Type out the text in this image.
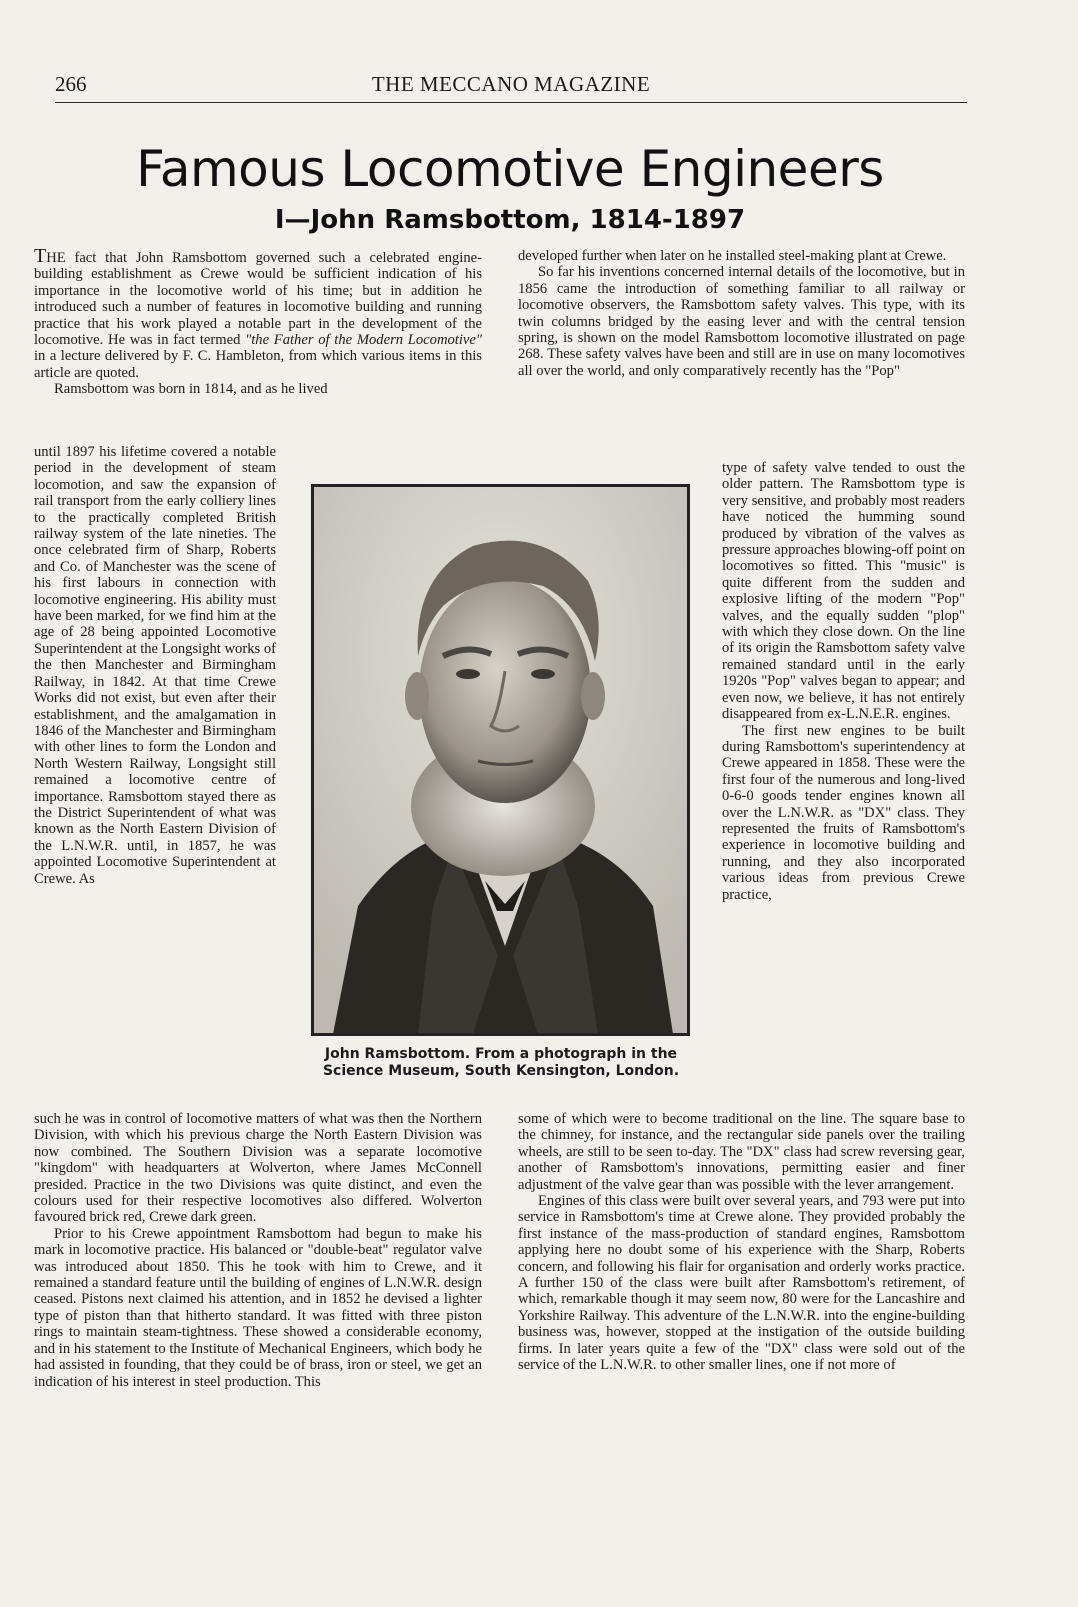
266	THE MECCANO MAGAZINE
Famous Locomotive Engineers
I—John Ramsbottom, 1814-1897

THE fact that John Ramsbottom governed such a celebrated engine-building establishment as Crewe would be sufficient indication of his importance in the locomotive world of his time; but in addition he introduced such a number of features in locomotive building and running practice that his work played a notable part in the development of the locomotive. He was in fact termed "the Father of the Modern Locomotive" in a lecture delivered by F. C. Hambleton, from which various items in this article are quoted.

Ramsbottom was born in 1814, and as he lived

until 1897 his lifetime covered a notable period in the development of steam locomotion, and saw the expansion of rail transport from the early colliery lines to the practically completed British railway system of the late nineties. The once celebrated firm of Sharp, Roberts and Co. of Manchester was the scene of his first labours in connection with locomotive engineering. His ability must have been marked, for we find him at the age of 28 being appointed Locomotive Superintendent at the Longsight works of the then Manchester and Birmingham Railway, in 1842. At that time Crewe Works did not exist, but even after their establishment, and the amalgamation in 1846 of the Manchester and Birmingham with other lines to form the London and North Western Railway, Longsight still remained a locomotive centre of importance. Ramsbottom stayed there as the District Superintendent of what was known as the North Eastern Division of the L.N.W.R. until, in 1857, he was appointed Locomotive Superintendent at Crewe. As

such he was in control of locomotive matters of what was then the Northern Division, with which his previous charge the North Eastern Division was now combined. The Southern Division was a separate locomotive "kingdom" with headquarters at Wolverton, where James McConnell presided. Practice in the two Divisions was quite distinct, and even the colours used for their respective locomotives also differed. Wolverton favoured brick red, Crewe dark green.

Prior to his Crewe appointment Ramsbottom had begun to make his mark in locomotive practice. His balanced or "double-beat" regulator valve was introduced about 1850. This he took with him to Crewe, and it remained a standard feature until the building of engines of L.N.W.R. design ceased. Pistons next claimed his attention, and in 1852 he devised a lighter type of piston than that hitherto standard. It was fitted with three piston rings to maintain steam-tightness. These showed a considerable economy, and in his statement to the Institute of Mechanical Engineers, which body he had assisted in founding, that they could be of brass, iron or steel, we get an indication of his interest in steel production. This

developed further when later on he installed steel-making plant at Crewe.

So far his inventions concerned internal details of the locomotive, but in 1856 came the introduction of something familiar to all railway or locomotive observers, the Ramsbottom safety valves. This type, with its twin columns bridged by the easing lever and with the central tension spring, is shown on the model Ramsbottom locomotive illustrated on page 268. These safety valves have been and still are in use on many locomotives all over the world, and only comparatively recently has the "Pop"

type of safety valve tended to oust the older pattern. The Ramsbottom type is very sensitive, and probably most readers have noticed the humming sound produced by vibration of the valves as pressure approaches blowing-off point on locomotives so fitted. This "music" is quite different from the sudden and explosive lifting of the modern "Pop" valves, and the equally sudden "plop" with which they close down. On the line of its origin the Ramsbottom safety valve remained standard until in the early 1920s "Pop" valves began to appear; and even now, we believe, it has not entirely disappeared from ex-L.N.E.R. engines.

The first new engines to be built during Ramsbottom's superintendency at Crewe appeared in 1858. These were the first four of the numerous and long-lived 0-6-0 goods tender engines known all over the L.N.W.R. as "DX" class. They represented the fruits of Ramsbottom's experience in locomotive building and running, and they also incorporated various ideas from previous Crewe practice,

some of which were to become traditional on the line. The square base to the chimney, for instance, and the rectangular side panels over the trailing wheels, are still to be seen to-day. The "DX" class had screw reversing gear, another of Ramsbottom's innovations, permitting easier and finer adjustment of the valve gear than was possible with the lever arrangement.

Engines of this class were built over several years, and 793 were put into service in Ramsbottom's time at Crewe alone. They provided probably the first instance of the mass-production of standard engines, Ramsbottom applying here no doubt some of his experience with the Sharp, Roberts concern, and following his flair for organisation and orderly works practice. A further 150 of the class were built after Ramsbottom's retirement, of which, remarkable though it may seem now, 80 were for the Lancashire and Yorkshire Railway. This adventure of the L.N.W.R. into the engine-building business was, however, stopped at the instigation of the outside building firms. In later years quite a few of the "DX" class were sold out of the service of the L.N.W.R. to other smaller lines, one if not more of

John Ramsbottom. From a photograph in the Science Museum, South Kensington, London.
